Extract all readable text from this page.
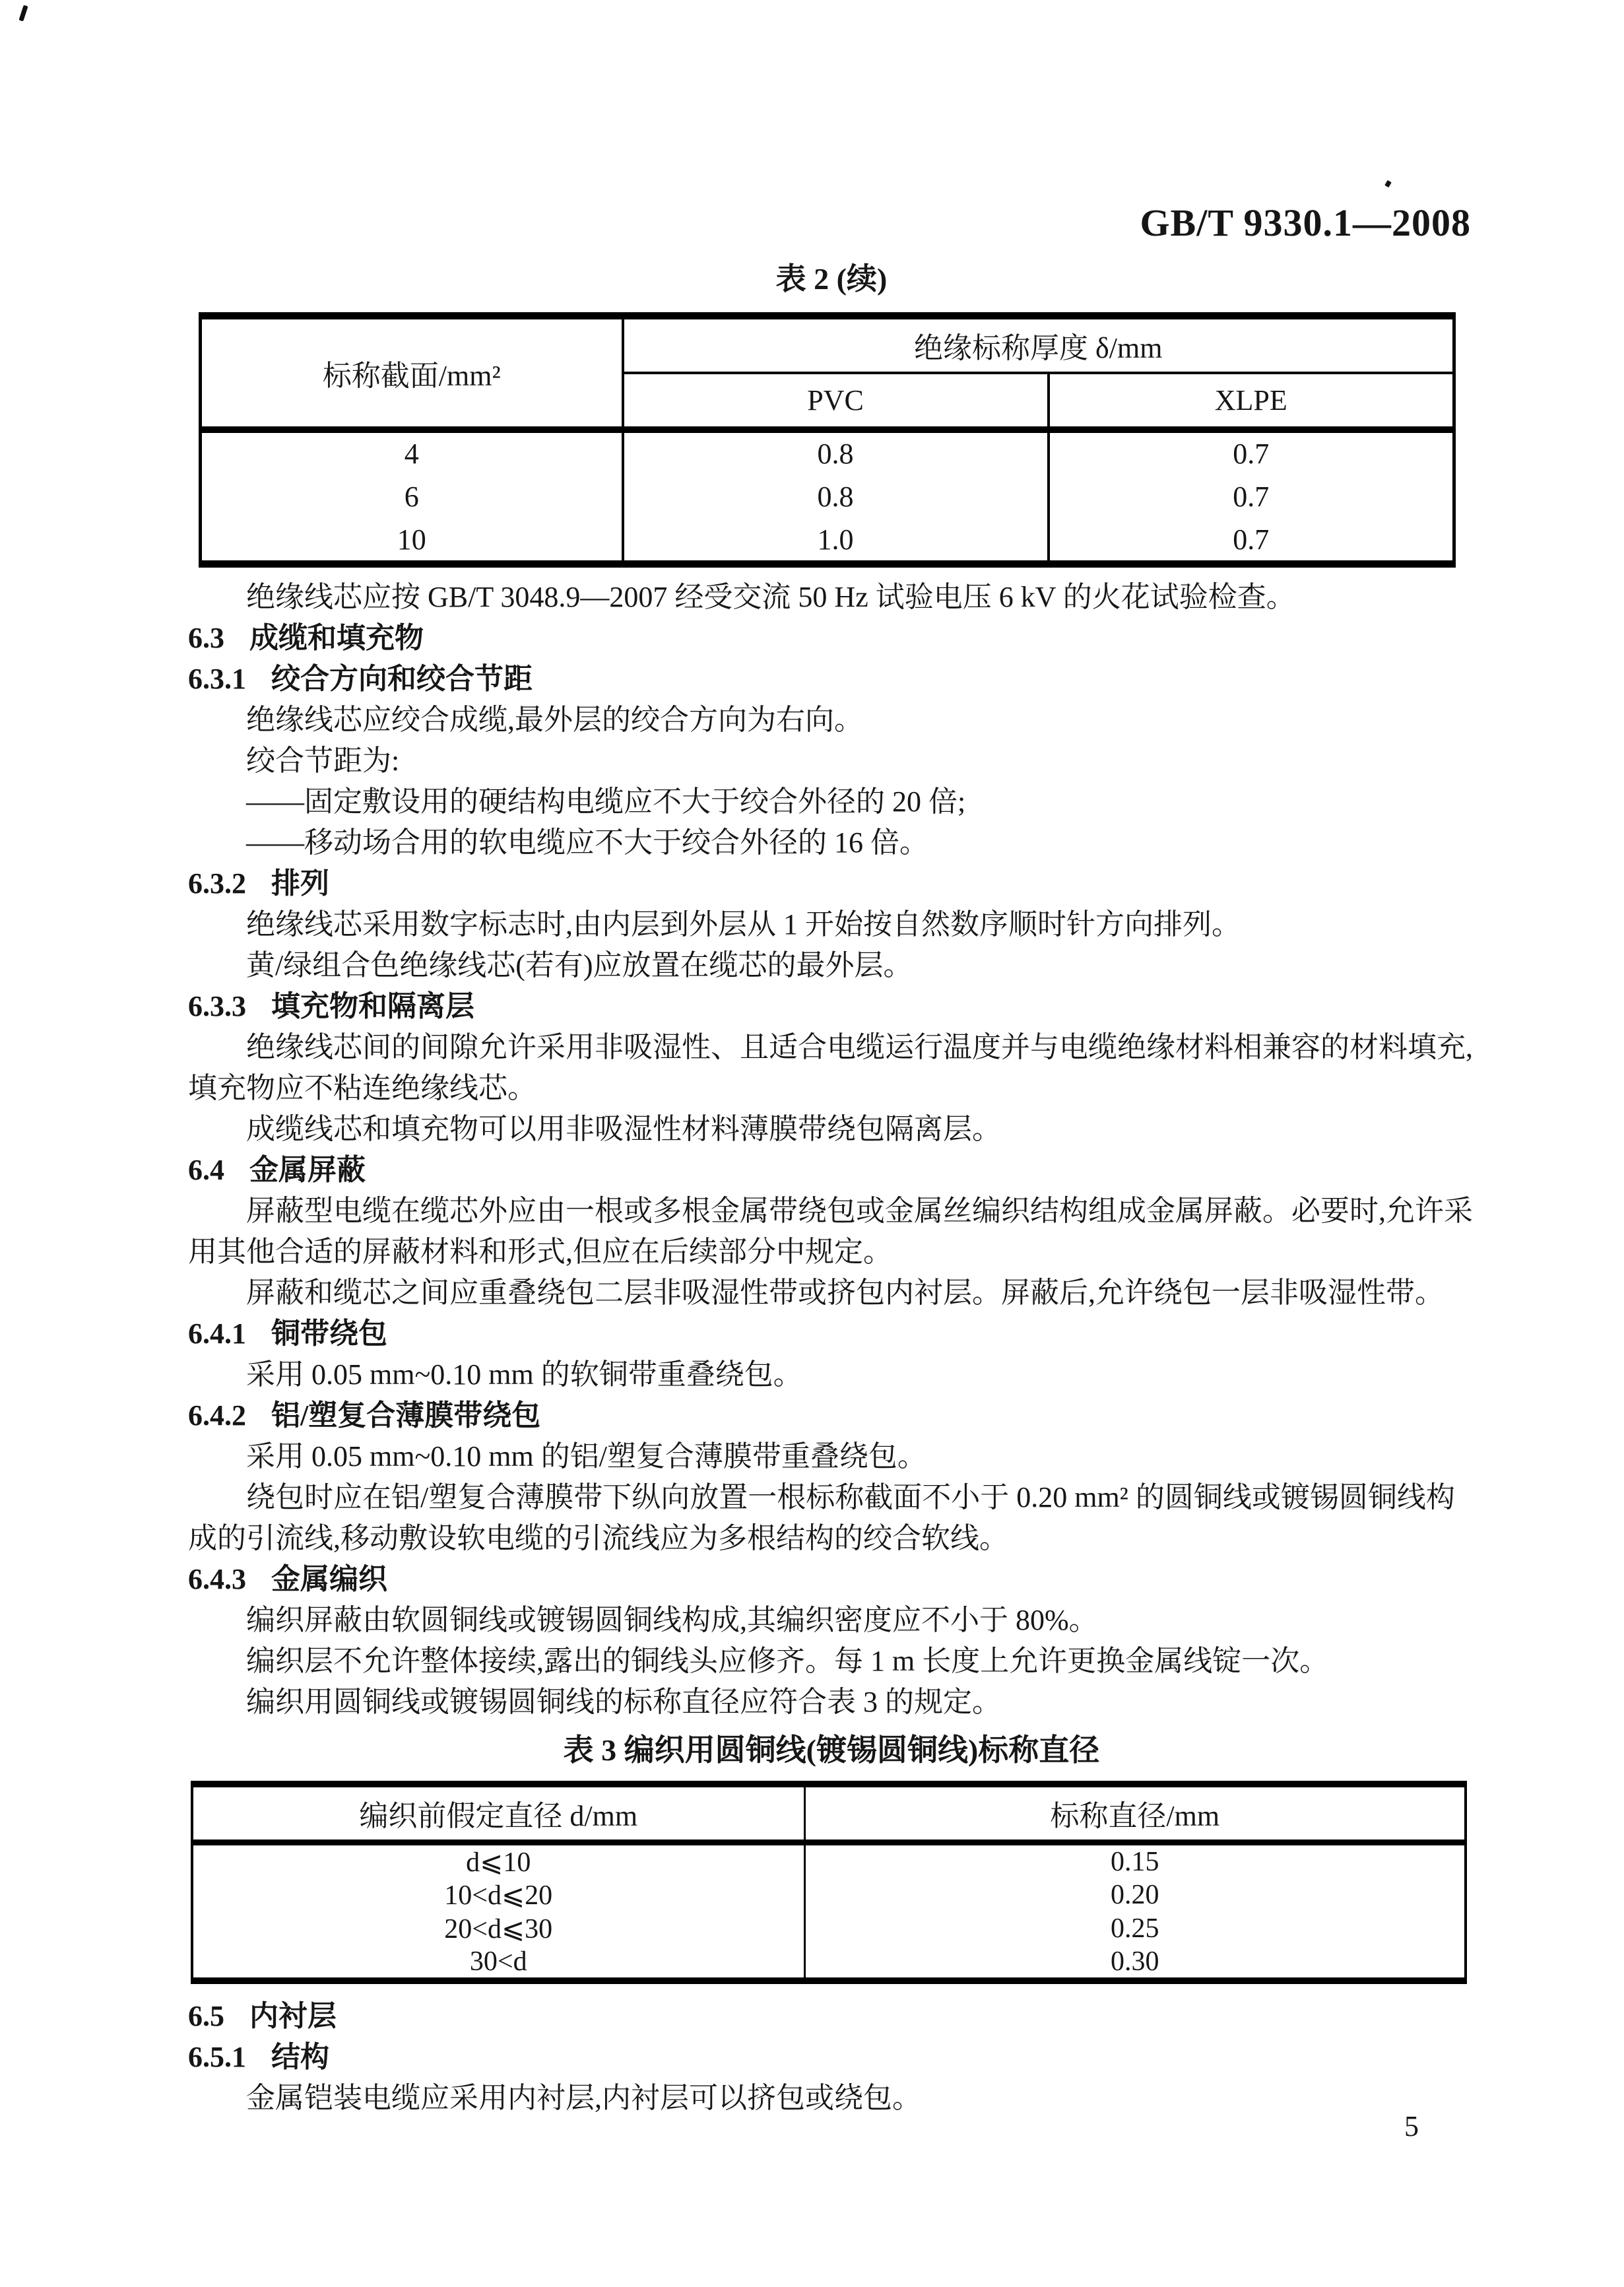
GB/T 9330.1—2008
表 2 (续)
标称截面/mm²	绝缘标称厚度 δ/mm	
	PVC	XLPE
4	0.8	0.7
6	0.8	0.7
10	1.0	0.7

绝缘线芯应按 GB/T 3048.9—2007 经受交流 50 Hz 试验电压 6 kV 的火花试验检查。

6.3 成缆和填充物

6.3.1 绞合方向和绞合节距

绝缘线芯应绞合成缆,最外层的绞合方向为右向。

绞合节距为:

——固定敷设用的硬结构电缆应不大于绞合外径的 20 倍;

——移动场合用的软电缆应不大于绞合外径的 16 倍。

6.3.2 排列

绝缘线芯采用数字标志时,由内层到外层从 1 开始按自然数序顺时针方向排列。

黄/绿组合色绝缘线芯(若有)应放置在缆芯的最外层。

6.3.3 填充物和隔离层

绝缘线芯间的间隙允许采用非吸湿性、且适合电缆运行温度并与电缆绝缘材料相兼容的材料填充,填充物应不粘连绝缘线芯。

成缆线芯和填充物可以用非吸湿性材料薄膜带绕包隔离层。

6.4 金属屏蔽

屏蔽型电缆在缆芯外应由一根或多根金属带绕包或金属丝编织结构组成金属屏蔽。必要时,允许采用其他合适的屏蔽材料和形式,但应在后续部分中规定。

屏蔽和缆芯之间应重叠绕包二层非吸湿性带或挤包内衬层。屏蔽后,允许绕包一层非吸湿性带。

6.4.1 铜带绕包

采用 0.05 mm~0.10 mm 的软铜带重叠绕包。

6.4.2 铝/塑复合薄膜带绕包

采用 0.05 mm~0.10 mm 的铝/塑复合薄膜带重叠绕包。

绕包时应在铝/塑复合薄膜带下纵向放置一根标称截面不小于 0.20 mm² 的圆铜线或镀锡圆铜线构成的引流线,移动敷设软电缆的引流线应为多根结构的绞合软线。

6.4.3 金属编织

编织屏蔽由软圆铜线或镀锡圆铜线构成,其编织密度应不小于 80%。

编织层不允许整体接续,露出的铜线头应修齐。每 1 m 长度上允许更换金属线锭一次。

编织用圆铜线或镀锡圆铜线的标称直径应符合表 3 的规定。

表 3 编织用圆铜线(镀锡圆铜线)标称直径
编织前假定直径 d/mm	标称直径/mm
d⩽10	0.15
10<d⩽20	0.20
20<d⩽30	0.25
30<d	0.30

6.5 内衬层

6.5.1 结构

金属铠装电缆应采用内衬层,内衬层可以挤包或绕包。

5
